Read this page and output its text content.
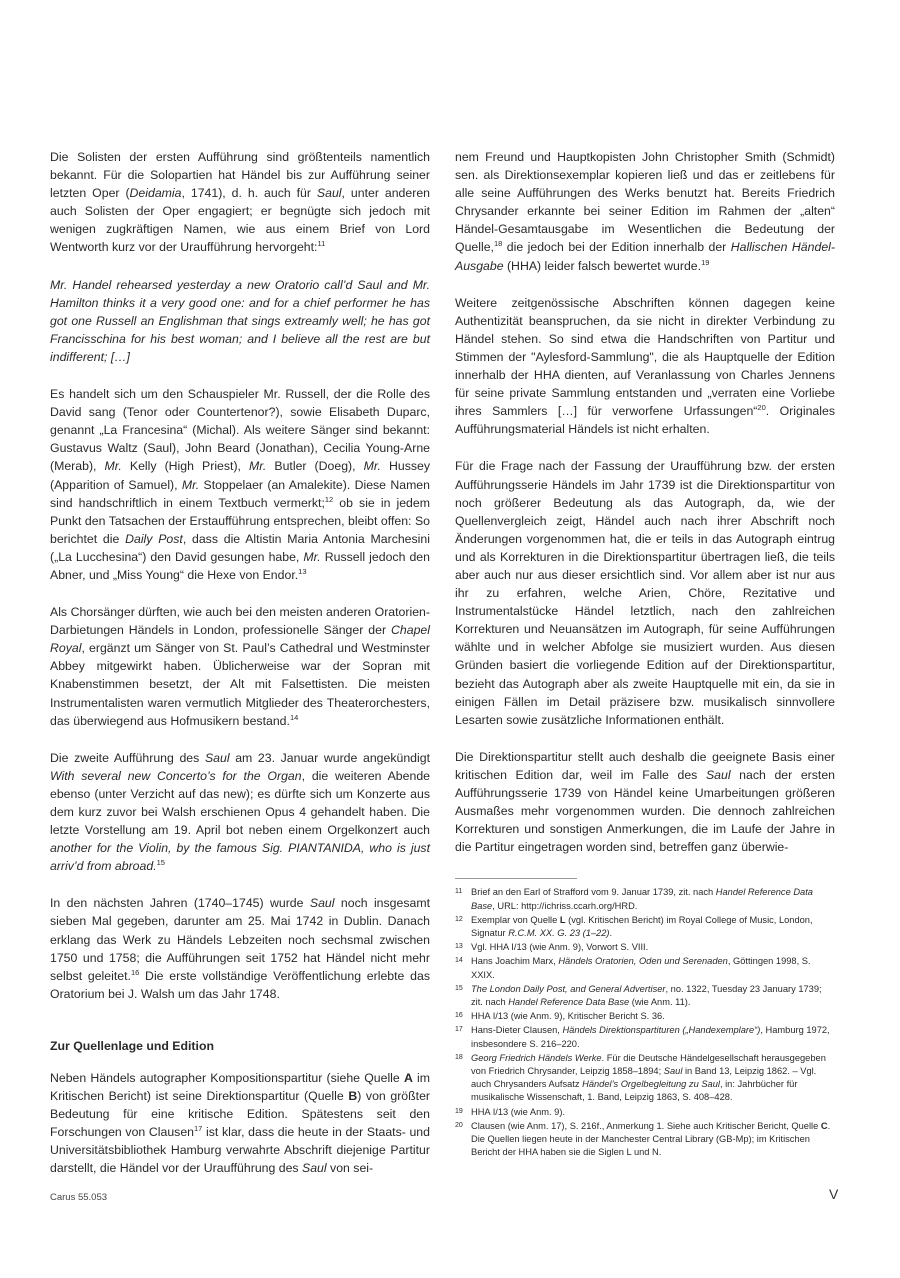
Die Solisten der ersten Aufführung sind größtenteils namentlich bekannt. Für die Solopartien hat Händel bis zur Aufführung seiner letzten Oper (Deidamia, 1741), d. h. auch für Saul, unter anderen auch Solisten der Oper engagiert; er begnügte sich jedoch mit wenigen zugkräftigen Namen, wie aus einem Brief von Lord Wentworth kurz vor der Uraufführung hervorgeht:$^{11}$

Mr. Handel rehearsed yesterday a new Oratorio call’d Saul and Mr. Hamilton thinks it a very good one: and for a chief performer he has got one Russell an Englishman that sings extreamly well; he has got Francisschina for his best woman; and I believe all the rest are but indifferent; […]

Es handelt sich um den Schauspieler Mr. Russell, der die Rolle des David sang (Tenor oder Countertenor?), sowie Elisabeth Duparc, genannt „La Francesina“ (Michal). Als weitere Sänger sind bekannt: Gustavus Waltz (Saul), John Beard (Jonathan), Cecilia Young-Arne (Merab), Mr. Kelly (High Priest), Mr. Butler (Doeg), Mr. Hussey (Apparition of Samuel), Mr. Stoppelaer (an Amalekite). Diese Namen sind handschriftlich in einem Textbuch vermerkt;$^{12}$ ob sie in jedem Punkt den Tatsachen der Erstaufführung entsprechen, bleibt offen: So berichtet die Daily Post, dass die Altistin Maria Antonia Marchesini („La Lucchesina“) den David gesungen habe, Mr. Russell jedoch den Abner, und „Miss Young“ die Hexe von Endor.$^{13}$

Als Chorsänger dürften, wie auch bei den meisten anderen Oratorien-Darbietungen Händels in London, professionelle Sänger der Chapel Royal, ergänzt um Sänger von St. Paul’s Cathedral und Westminster Abbey mitgewirkt haben. Üblicherweise war der Sopran mit Knabenstimmen besetzt, der Alt mit Falsettisten. Die meisten Instrumentalisten waren vermutlich Mitglieder des Theaterorchesters, das überwiegend aus Hofmusikern bestand.$^{14}$

Die zweite Aufführung des Saul am 23. Januar wurde angekündigt With several new Concerto’s for the Organ, die weiteren Abende ebenso (unter Verzicht auf das new); es dürfte sich um Konzerte aus dem kurz zuvor bei Walsh erschienen Opus 4 gehandelt haben. Die letzte Vorstellung am 19. April bot neben einem Orgelkonzert auch another for the Violin, by the famous Sig. PIANTANIDA, who is just arriv’d from abroad.$^{15}$

In den nächsten Jahren (1740–1745) wurde Saul noch insgesamt sieben Mal gegeben, darunter am 25. Mai 1742 in Dublin. Danach erklang das Werk zu Händels Lebzeiten noch sechsmal zwischen 1750 und 1758; die Aufführungen seit 1752 hat Händel nicht mehr selbst geleitet.$^{16}$ Die erste vollständige Veröffentlichung erlebte das Oratorium bei J. Walsh um das Jahr 1748.

Zur Quellenlage und Edition

Neben Händels autographer Kompositionspartitur (siehe Quelle A im Kritischen Bericht) ist seine Direktionspartitur (Quelle B) von größter Bedeutung für eine kritische Edition. Spätestens seit den Forschungen von Clausen$^{17}$ ist klar, dass die heute in der Staats- und Universitätsbibliothek Hamburg verwahrte Abschrift diejenige Partitur darstellt, die Händel vor der Uraufführung des Saul von sei-

nem Freund und Hauptkopisten John Christopher Smith (Schmidt) sen. als Direktionsexemplar kopieren ließ und das er zeitlebens für alle seine Aufführungen des Werks benutzt hat. Bereits Friedrich Chrysander erkannte bei seiner Edition im Rahmen der „alten“ Händel-Gesamtausgabe im Wesentlichen die Bedeutung der Quelle,$^{18}$ die jedoch bei der Edition innerhalb der Hallischen Händel-Ausgabe (HHA) leider falsch bewertet wurde.$^{19}$

Weitere zeitgenössische Abschriften können dagegen keine Authentizität beanspruchen, da sie nicht in direkter Verbindung zu Händel stehen. So sind etwa die Handschriften von Partitur und Stimmen der "Aylesford-Sammlung", die als Hauptquelle der Edition innerhalb der HHA dienten, auf Veranlassung von Charles Jennens für seine private Sammlung entstanden und „verraten eine Vorliebe ihres Sammlers […] für verworfene Urfassungen“$^{20}$. Originales Aufführungsmaterial Händels ist nicht erhalten.

Für die Frage nach der Fassung der Uraufführung bzw. der ersten Aufführungsserie Händels im Jahr 1739 ist die Direktionspartitur von noch größerer Bedeutung als das Autograph, da, wie der Quellenvergleich zeigt, Händel auch nach ihrer Abschrift noch Änderungen vorgenommen hat, die er teils in das Autograph eintrug und als Korrekturen in die Direktionspartitur übertragen ließ, die teils aber auch nur aus dieser ersichtlich sind. Vor allem aber ist nur aus ihr zu erfahren, welche Arien, Chöre, Rezitative und Instrumentalstücke Händel letztlich, nach den zahlreichen Korrekturen und Neuansätzen im Autograph, für seine Aufführungen wählte und in welcher Abfolge sie musiziert wurden. Aus diesen Gründen basiert die vorliegende Edition auf der Direktionspartitur, bezieht das Autograph aber als zweite Hauptquelle mit ein, da sie in einigen Fällen im Detail präzisere bzw. musikalisch sinnvollere Lesarten sowie zusätzliche Informationen enthält.

Die Direktionspartitur stellt auch deshalb die geeignete Basis einer kritischen Edition dar, weil im Falle des Saul nach der ersten Aufführungsserie 1739 von Händel keine Umarbeitungen größeren Ausmaßes mehr vorgenommen wurden. Die dennoch zahlreichen Korrekturen und sonstigen Anmerkungen, die im Laufe der Jahre in die Partitur eingetragen worden sind, betreffen ganz überwie-

11 Brief an den Earl of Strafford vom 9. Januar 1739, zit. nach Handel Reference Data Base, URL: http://ichriss.ccarh.org/HRD.
12 Exemplar von Quelle L (vgl. Kritischen Bericht) im Royal College of Music, London, Signatur R.C.M. XX. G. 23 (1–22).
13 Vgl. HHA I/13 (wie Anm. 9), Vorwort S. VIII.
14 Hans Joachim Marx, Händels Oratorien, Oden und Serenaden, Göttingen 1998, S. XXIX.
15 The London Daily Post, and General Advertiser, no. 1322, Tuesday 23 January 1739; zit. nach Handel Reference Data Base (wie Anm. 11).
16 HHA I/13 (wie Anm. 9), Kritischer Bericht S. 36.
17 Hans-Dieter Clausen, Händels Direktionspartituren („Handexemplare“), Hamburg 1972, insbesondere S. 216–220.
18 Georg Friedrich Händels Werke. Für die Deutsche Händelgesellschaft herausgegeben von Friedrich Chrysander, Leipzig 1858–1894; Saul in Band 13, Leipzig 1862. – Vgl. auch Chrysanders Aufsatz Händel’s Orgelbegleitung zu Saul, in: Jahrbücher für musikalische Wissenschaft, 1. Band, Leipzig 1863, S. 408–428.
19 HHA I/13 (wie Anm. 9).
20 Clausen (wie Anm. 17), S. 216f., Anmerkung 1. Siehe auch Kritischer Bericht, Quelle C. Die Quellen liegen heute in der Manchester Central Library (GB-Mp); im Kritischen Bericht der HHA haben sie die Siglen L und N.
Carus 55.053	V
